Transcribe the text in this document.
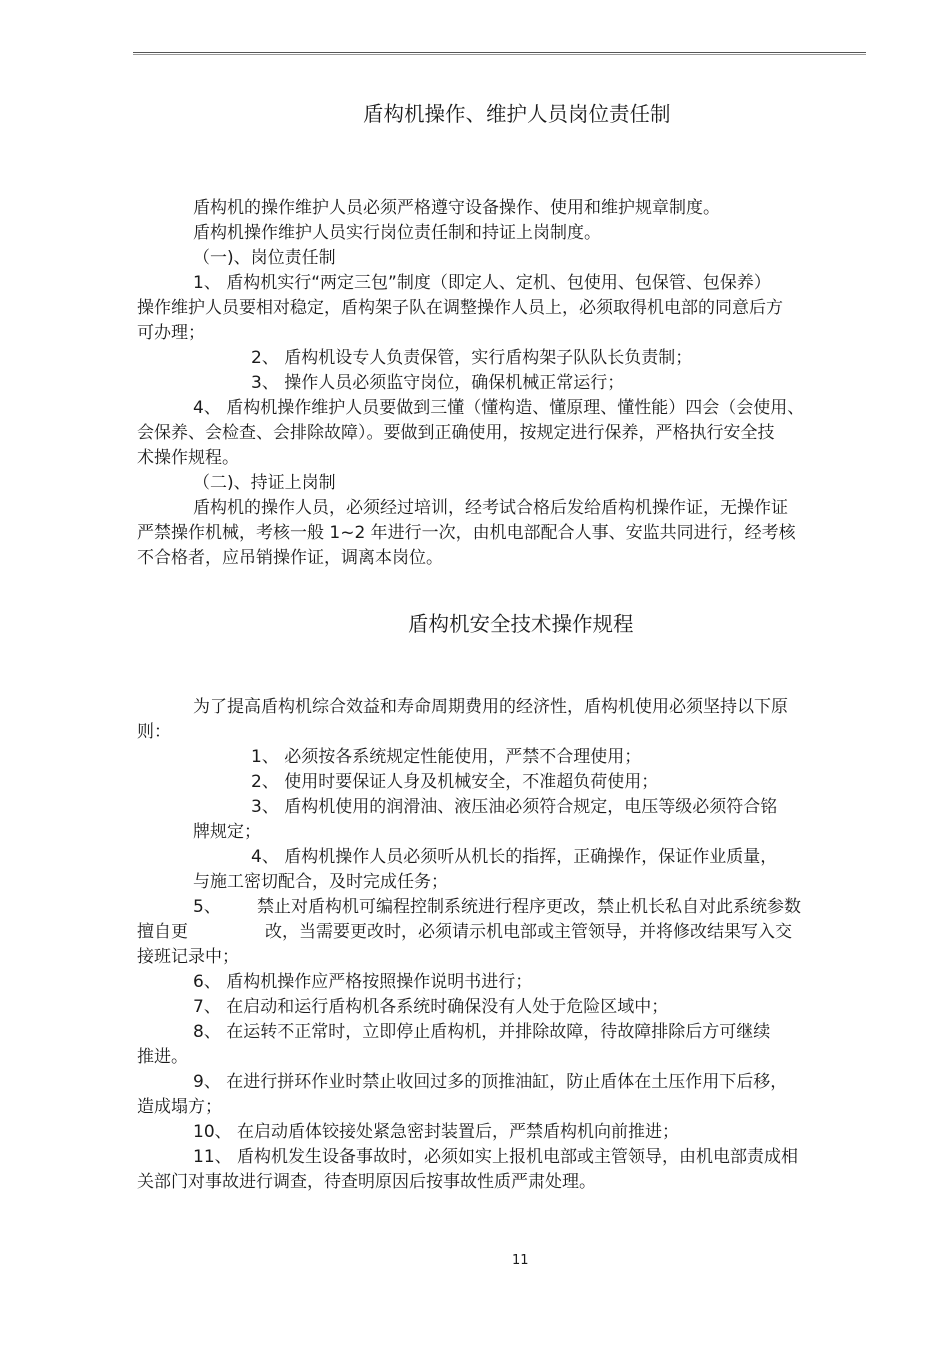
盾构机操作、维护人员岗位责任制
盾构机的操作维护人员必须严格遵守设备操作、使用和维护规章制度。
盾构机操作维护人员实行岗位责任制和持证上岗制度。
（一)、岗位责任制
1、 盾构机实行“两定三包”制度（即定人、定机、包使用、包保管、包保养）
操作维护人员要相对稳定，盾构架子队在调整操作人员上，必须取得机电部的同意后方
可办理；
2、 盾构机设专人负责保管，实行盾构架子队队长负责制；
3、 操作人员必须监守岗位，确保机械正常运行；
4、 盾构机操作维护人员要做到三懂（懂构造、懂原理、懂性能）四会（会使用、
会保养、会检查、会排除故障）。要做到正确使用，按规定进行保养，严格执行安全技
术操作规程。
（二)、持证上岗制
盾构机的操作人员，必须经过培训，经考试合格后发给盾构机操作证，无操作证
严禁操作机械，考核一般 1~2 年进行一次，由机电部配合人事、安监共同进行，经考核
不合格者，应吊销操作证，调离本岗位。
盾构机安全技术操作规程
为了提高盾构机综合效益和寿命周期费用的经济性，盾构机使用必须坚持以下原
则：
1、 必须按各系统规定性能使用，严禁不合理使用；
2、 使用时要保证人身及机械安全，不准超负荷使用；
3、 盾构机使用的润滑油、液压油必须符合规定，电压等级必须符合铭
牌规定；
4、 盾构机操作人员必须听从机长的指挥，正确操作，保证作业质量，
与施工密切配合，及时完成任务；
5、 禁止对盾构机可编程控制系统进行程序更改，禁止机长私自对此系统参数
擅自更	改，当需要更改时，必须请示机电部或主管领导，并将修改结果写入交
接班记录中；
6、 盾构机操作应严格按照操作说明书进行；
7、 在启动和运行盾构机各系统时确保没有人处于危险区域中；
8、 在运转不正常时，立即停止盾构机，并排除故障，待故障排除后方可继续
推进。
9、 在进行拼环作业时禁止收回过多的顶推油缸，防止盾体在土压作用下后移，
造成塌方；
10、 在启动盾体铰接处紧急密封装置后，严禁盾构机向前推进；
11、 盾构机发生设备事故时，必须如实上报机电部或主管领导，由机电部责成相
关部门对事故进行调查，待查明原因后按事故性质严肃处理。
11
